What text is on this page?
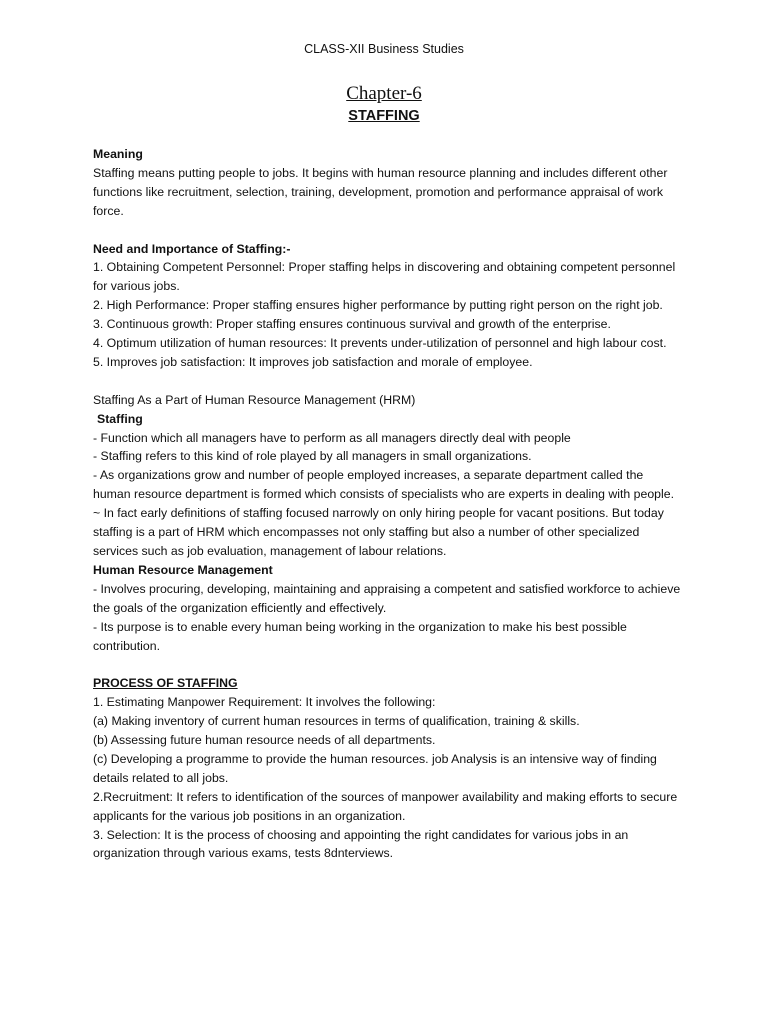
CLASS-XII Business Studies
Chapter-6
STAFFING

Meaning

Staffing means putting people to jobs. It begins with human resource planning and includes different other functions like recruitment, selection, training, development, promotion and performance appraisal of work force.

Need and Importance of Staffing:-

1. Obtaining Competent Personnel: Proper staffing helps in discovering and obtaining competent personnel for various jobs.

2. High Performance: Proper staffing ensures higher performance by putting right person on the right job.

3. Continuous growth: Proper staffing ensures continuous survival and growth of the enterprise.

4. Optimum utilization of human resources: It prevents under-utilization of personnel and high labour cost.

5. Improves job satisfaction: It improves job satisfaction and morale of employee.

Staffing As a Part of Human Resource Management (HRM)

Staffing

- Function which all managers have to perform as all managers directly deal with people

- Staffing refers to this kind of role played by all managers in small organizations.

- As organizations grow and number of people employed increases, a separate department called the human resource department is formed which consists of specialists who are experts in dealing with people.

~ In fact early definitions of staffing focused narrowly on only hiring people for vacant positions. But today staffing is a part of HRM which encompasses not only staffing but also a number of other specialized services such as job evaluation, management of labour relations.

Human Resource Management

- Involves procuring, developing, maintaining and appraising a competent and satisfied workforce to achieve the goals of the organization efficiently and effectively.

- Its purpose is to enable every human being working in the organization to make his best possible contribution.

PROCESS OF STAFFING

1. Estimating Manpower Requirement: It involves the following:

(a) Making inventory of current human resources in terms of qualification, training & skills.

(b) Assessing future human resource needs of all departments.

(c) Developing a programme to provide the human resources. job Analysis is an intensive way of finding details related to all jobs.

2.Recruitment: It refers to identification of the sources of manpower availability and making efforts to secure applicants for the various job positions in an organization.

3. Selection: It is the process of choosing and appointing the right candidates for various jobs in an organization through various exams, tests 8dnterviews.
